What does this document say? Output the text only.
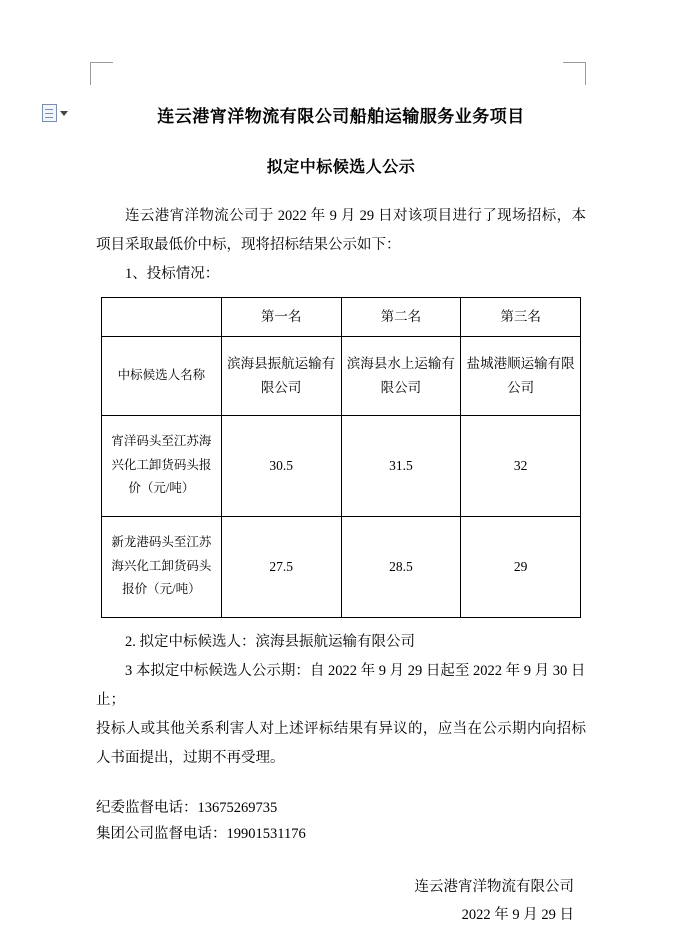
连云港宵洋物流有限公司船舶运输服务业务项目
拟定中标候选人公示

连云港宵洋物流公司于 2022 年 9 月 29 日对该项目进行了现场招标，本项目采取最低价中标，现将招标结果公示如下：

1、投标情况：
	第一名	第二名	第三名
中标候选人名称	滨海县振航运输有限公司	滨海县水上运输有限公司	盐城港顺运输有限公司
宵洋码头至江苏海兴化工卸货码头报价（元/吨）	30.5	31.5	32
新龙港码头至江苏海兴化工卸货码头报价（元/吨）	27.5	28.5	29
2. 拟定中标候选人：滨海县振航运输有限公司
3 本拟定中标候选人公示期：自 2022 年 9 月 29 日起至 2022 年 9 月 30 日止；

投标人或其他关系利害人对上述评标结果有异议的，应当在公示期内向招标人书面提出，过期不再受理。

纪委监督电话：13675269735
集团公司监督电话：19901531176
连云港宵洋物流有限公司
2022 年 9 月 29 日
